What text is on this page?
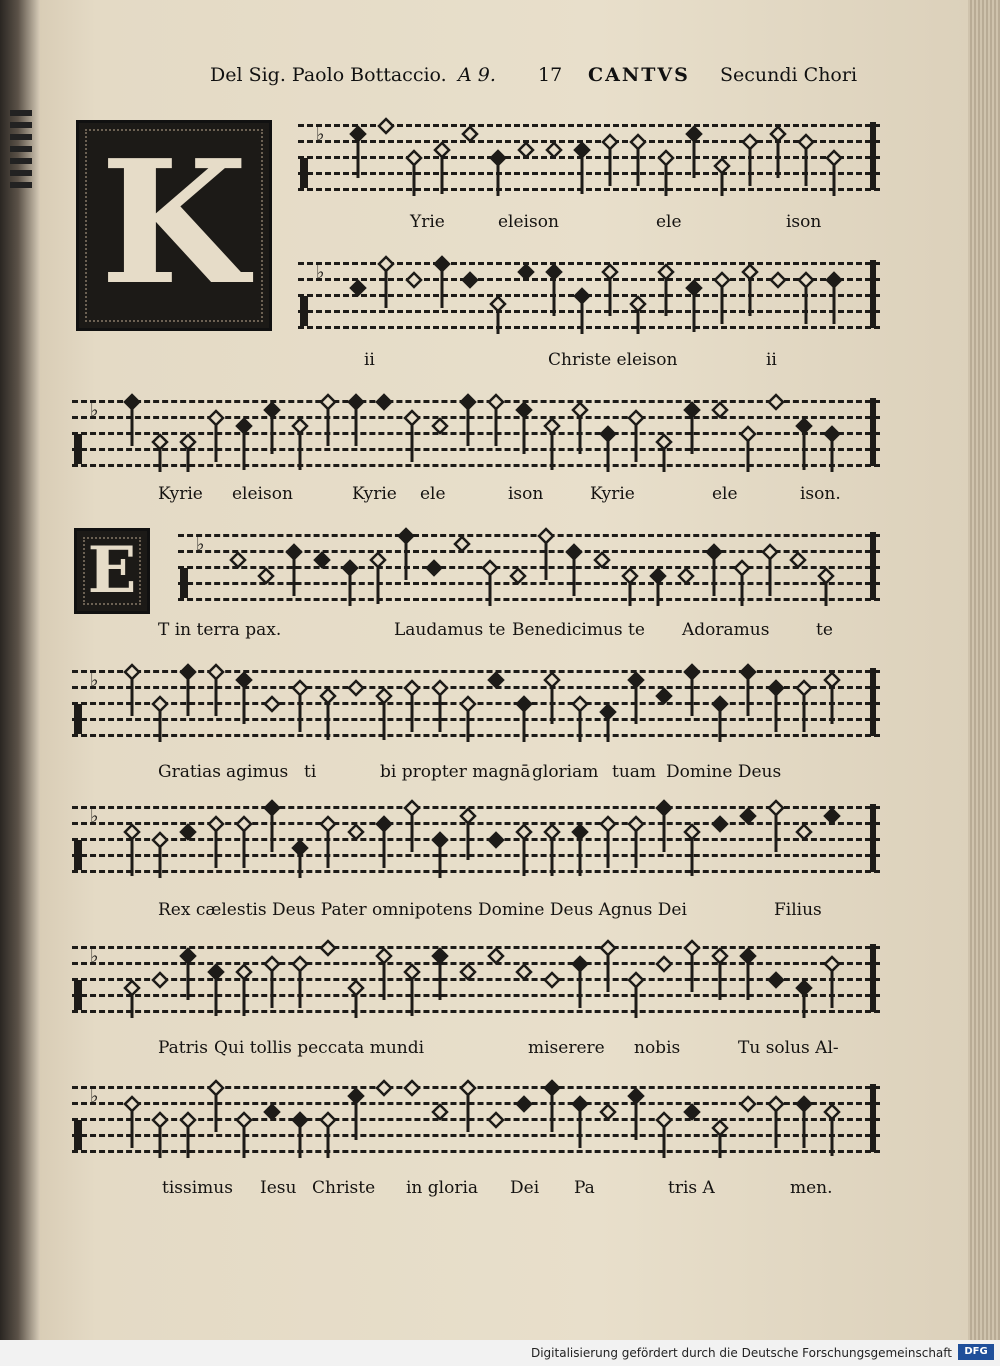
Del Sig. Paolo Bottaccio. A 9. 17 CANTVS Secundi Chori
K
E
♭
Yrie	eleison	ele	ison
♭
ii	Christe eleison	ii
♭
Kyrie eleison	Kyrie ele	ison	Kyrie	ele	ison.
♭
T in terra pax.	Laudamus te Benedicimus te Adoramus	te
♭
Gratias agimus ti	bi propter magnā gloriam tuam Domine Deus
♭
Rex cælestis Deus Pater omnipotens Domine Deus Agnus Dei	Filius
♭
Patris Qui tollis peccata mundi	miserere nobis	Tu solus Al-
♭
tissimus Iesu Christe in gloria Dei Pa	tris A	men.
Digitalisierung gefördert durch die Deutsche Forschungsgemeinschaft	DFG
